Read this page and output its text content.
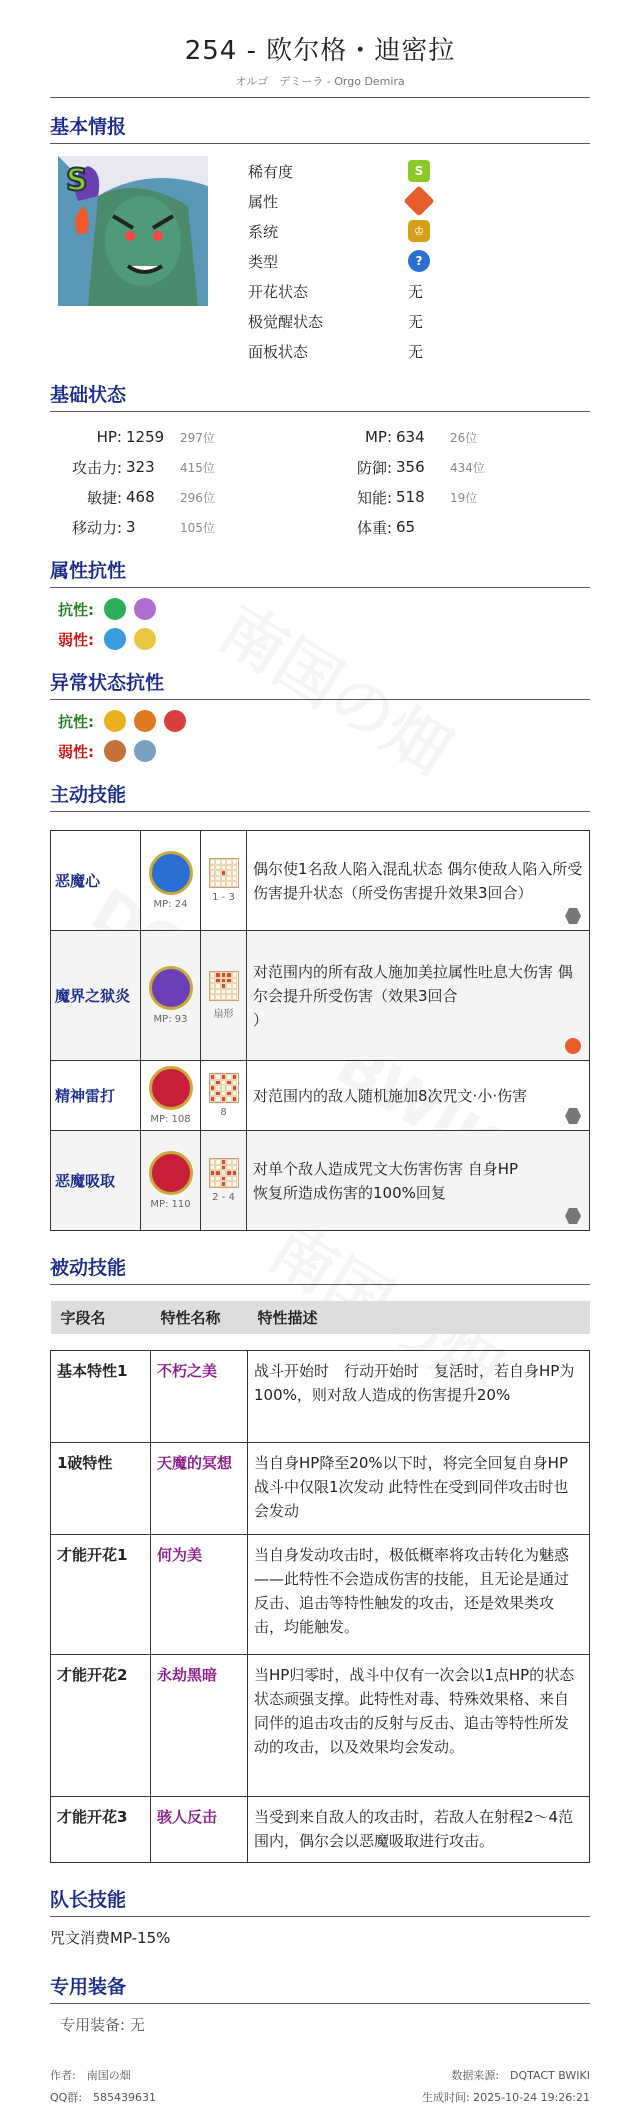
254 - 欧尔格・迪密拉
オルゴ　デミーラ - Orgo Demira
基本情报
S	稀有度	S
属性
系统	♔
类型	?
开花状态	无
极觉醒状态	无
面板状态	无
基础状态
HP: 1259	297位	MP: 634	26位
攻击力: 323	415位	防御: 356	434位
敏捷: 468	296位	知能: 518	19位
移动力: 3	105位	体重: 65
属性抗性
抗性:
弱性:
异常状态抗性
抗性:
弱性:
主动技能
恶魔心	MP: 24	1 - 3	偶尔使1名敌人陷入混乱状态 偶尔使敌人陷入所受伤害提升状态（所受伤害提升效果3回合）

魔界之狱炎	MP: 93	扇形	对范围内的所有敌人施加美拉属性吐息大伤害 偶尔会提升所受伤害（效果3回合
）

精神雷打	MP: 108	8	对范围内的敌人随机施加8次咒文·小·伤害

恶魔吸取	MP: 110	2 - 4	对单个敌人造成咒文大伤害伤害 自身HP
恢复所造成伤害的100%回复
被动技能
字段名	特性名称	特性描述

基本特性1	不朽之美	战斗开始时　行动开始时　复活时，若自身HP为100%，则对敌人造成的伤害提升20%
1破特性	天魔的冥想	当自身HP降至20%以下时，将完全回复自身HP 战斗中仅限1次发动 此特性在受到同伴攻击时也会发动
才能开花1	何为美	当自身发动攻击时，极低概率将攻击转化为魅惑——此特性不会造成伤害的技能，且无论是通过反击、追击等特性触发的攻击，还是效果类攻击，均能触发。
才能开花2	永劫黑暗	当HP归零时，战斗中仅有一次会以1点HP的状态状态顽强支撑。此特性对毒、特殊效果格、来自同伴的追击攻击的反射与反击、追击等特性所发动的攻击，以及效果均会发动。
才能开花3	骇人反击	当受到来自敌人的攻击时，若敌人在射程2～4范围内，偶尔会以恶魔吸取进行攻击。
队长技能
咒文消费MP-15%
专用装备
专用装备: 无
作者:　南国の畑
QQ群:　585439631
数据来源:　DQTACT BWIKI
生成时间: 2025-10-24 19:26:21
